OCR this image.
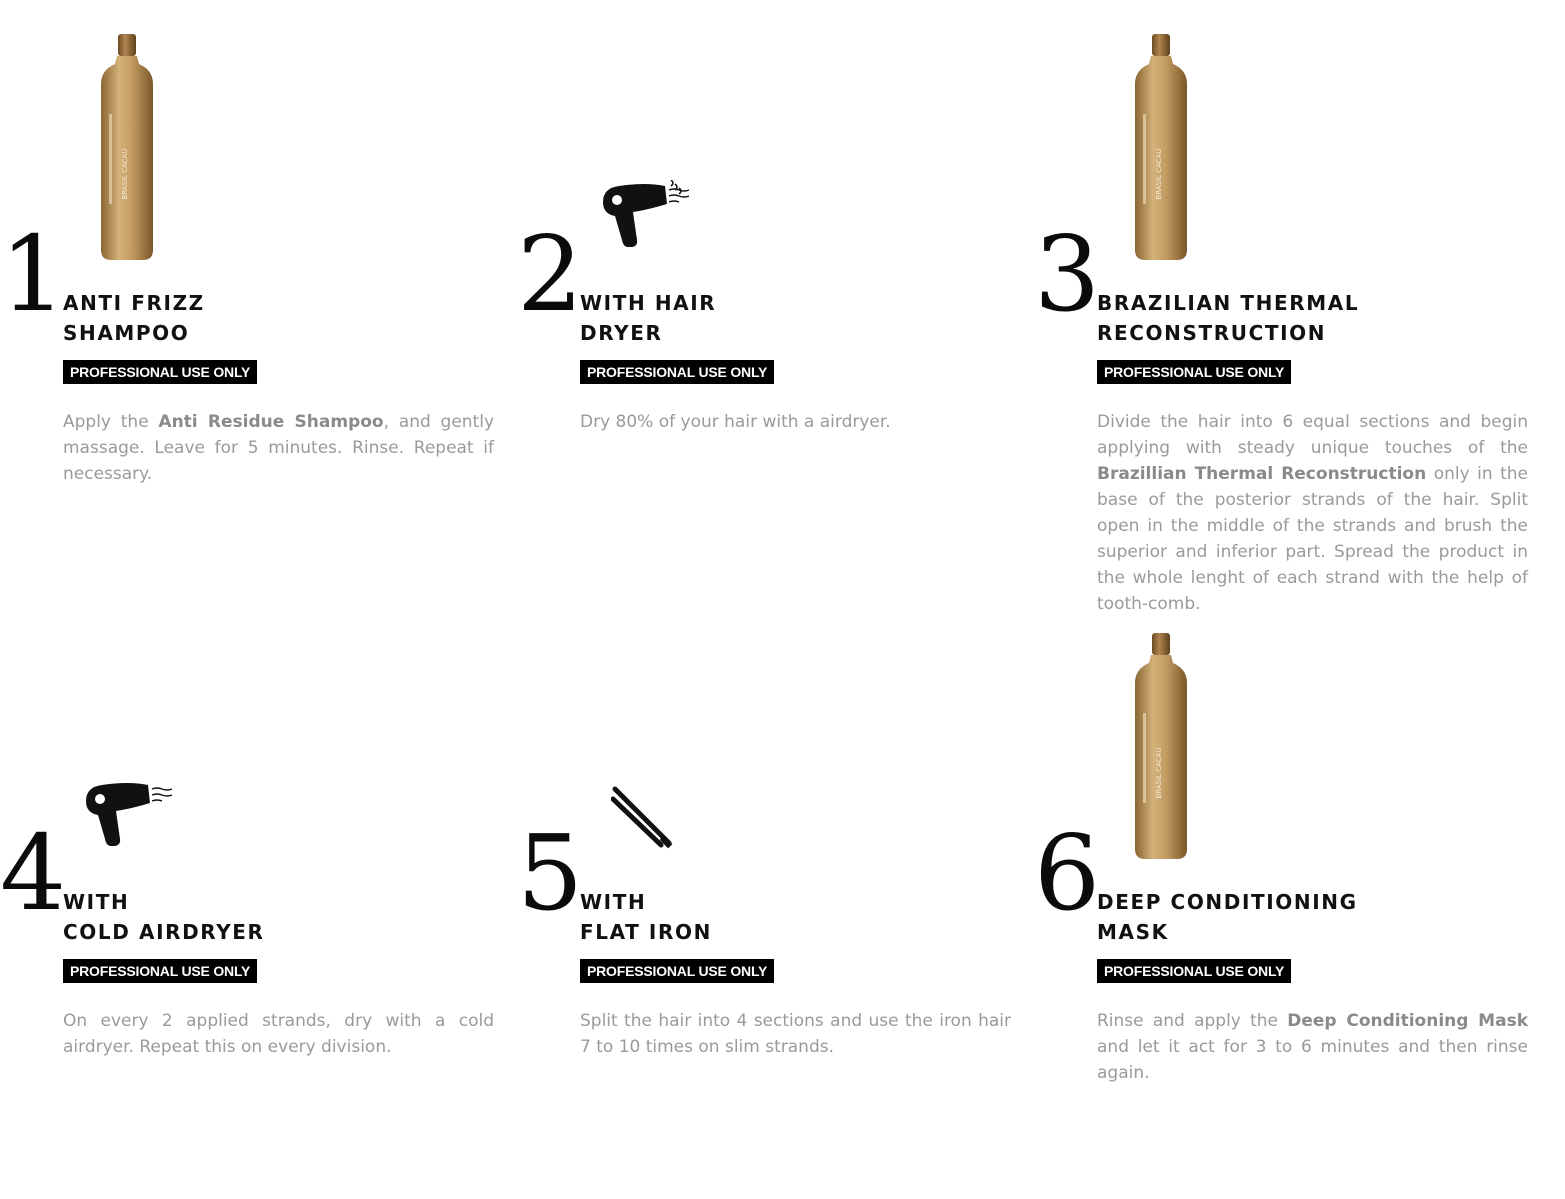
BRASIL CACAU
1
ANTI FRIZZ
SHAMPOO
PROFESSIONAL USE ONLY

Apply the Anti Residue Shampoo, and gently massage. Leave for 5 minutes. Rinse. Repeat if necessary.

2
WITH HAIR
DRYER
PROFESSIONAL USE ONLY

Dry 80% of your hair with a airdryer.

BRASIL CACAU
3
BRAZILIAN THERMAL
RECONSTRUCTION
PROFESSIONAL USE ONLY

Divide the hair into 6 equal sections and begin applying with steady unique touches of the Brazillian Thermal Reconstruction only in the base of the posterior strands of the hair. Split open in the middle of the strands and brush the superior and inferior part. Spread the product in the whole lenght of each strand with the help of tooth-comb.

4
WITH
COLD AIRDRYER
PROFESSIONAL USE ONLY

On every 2 applied strands, dry with a cold airdryer. Repeat this on every division.

5
WITH
FLAT IRON
PROFESSIONAL USE ONLY

Split the hair into 4 sections and use the iron hair 7 to 10 times on slim strands.

BRASIL CACAU
6
DEEP CONDITIONING
MASK
PROFESSIONAL USE ONLY

Rinse and apply the Deep Conditioning Mask and let it act for 3 to 6 minutes and then rinse again.
